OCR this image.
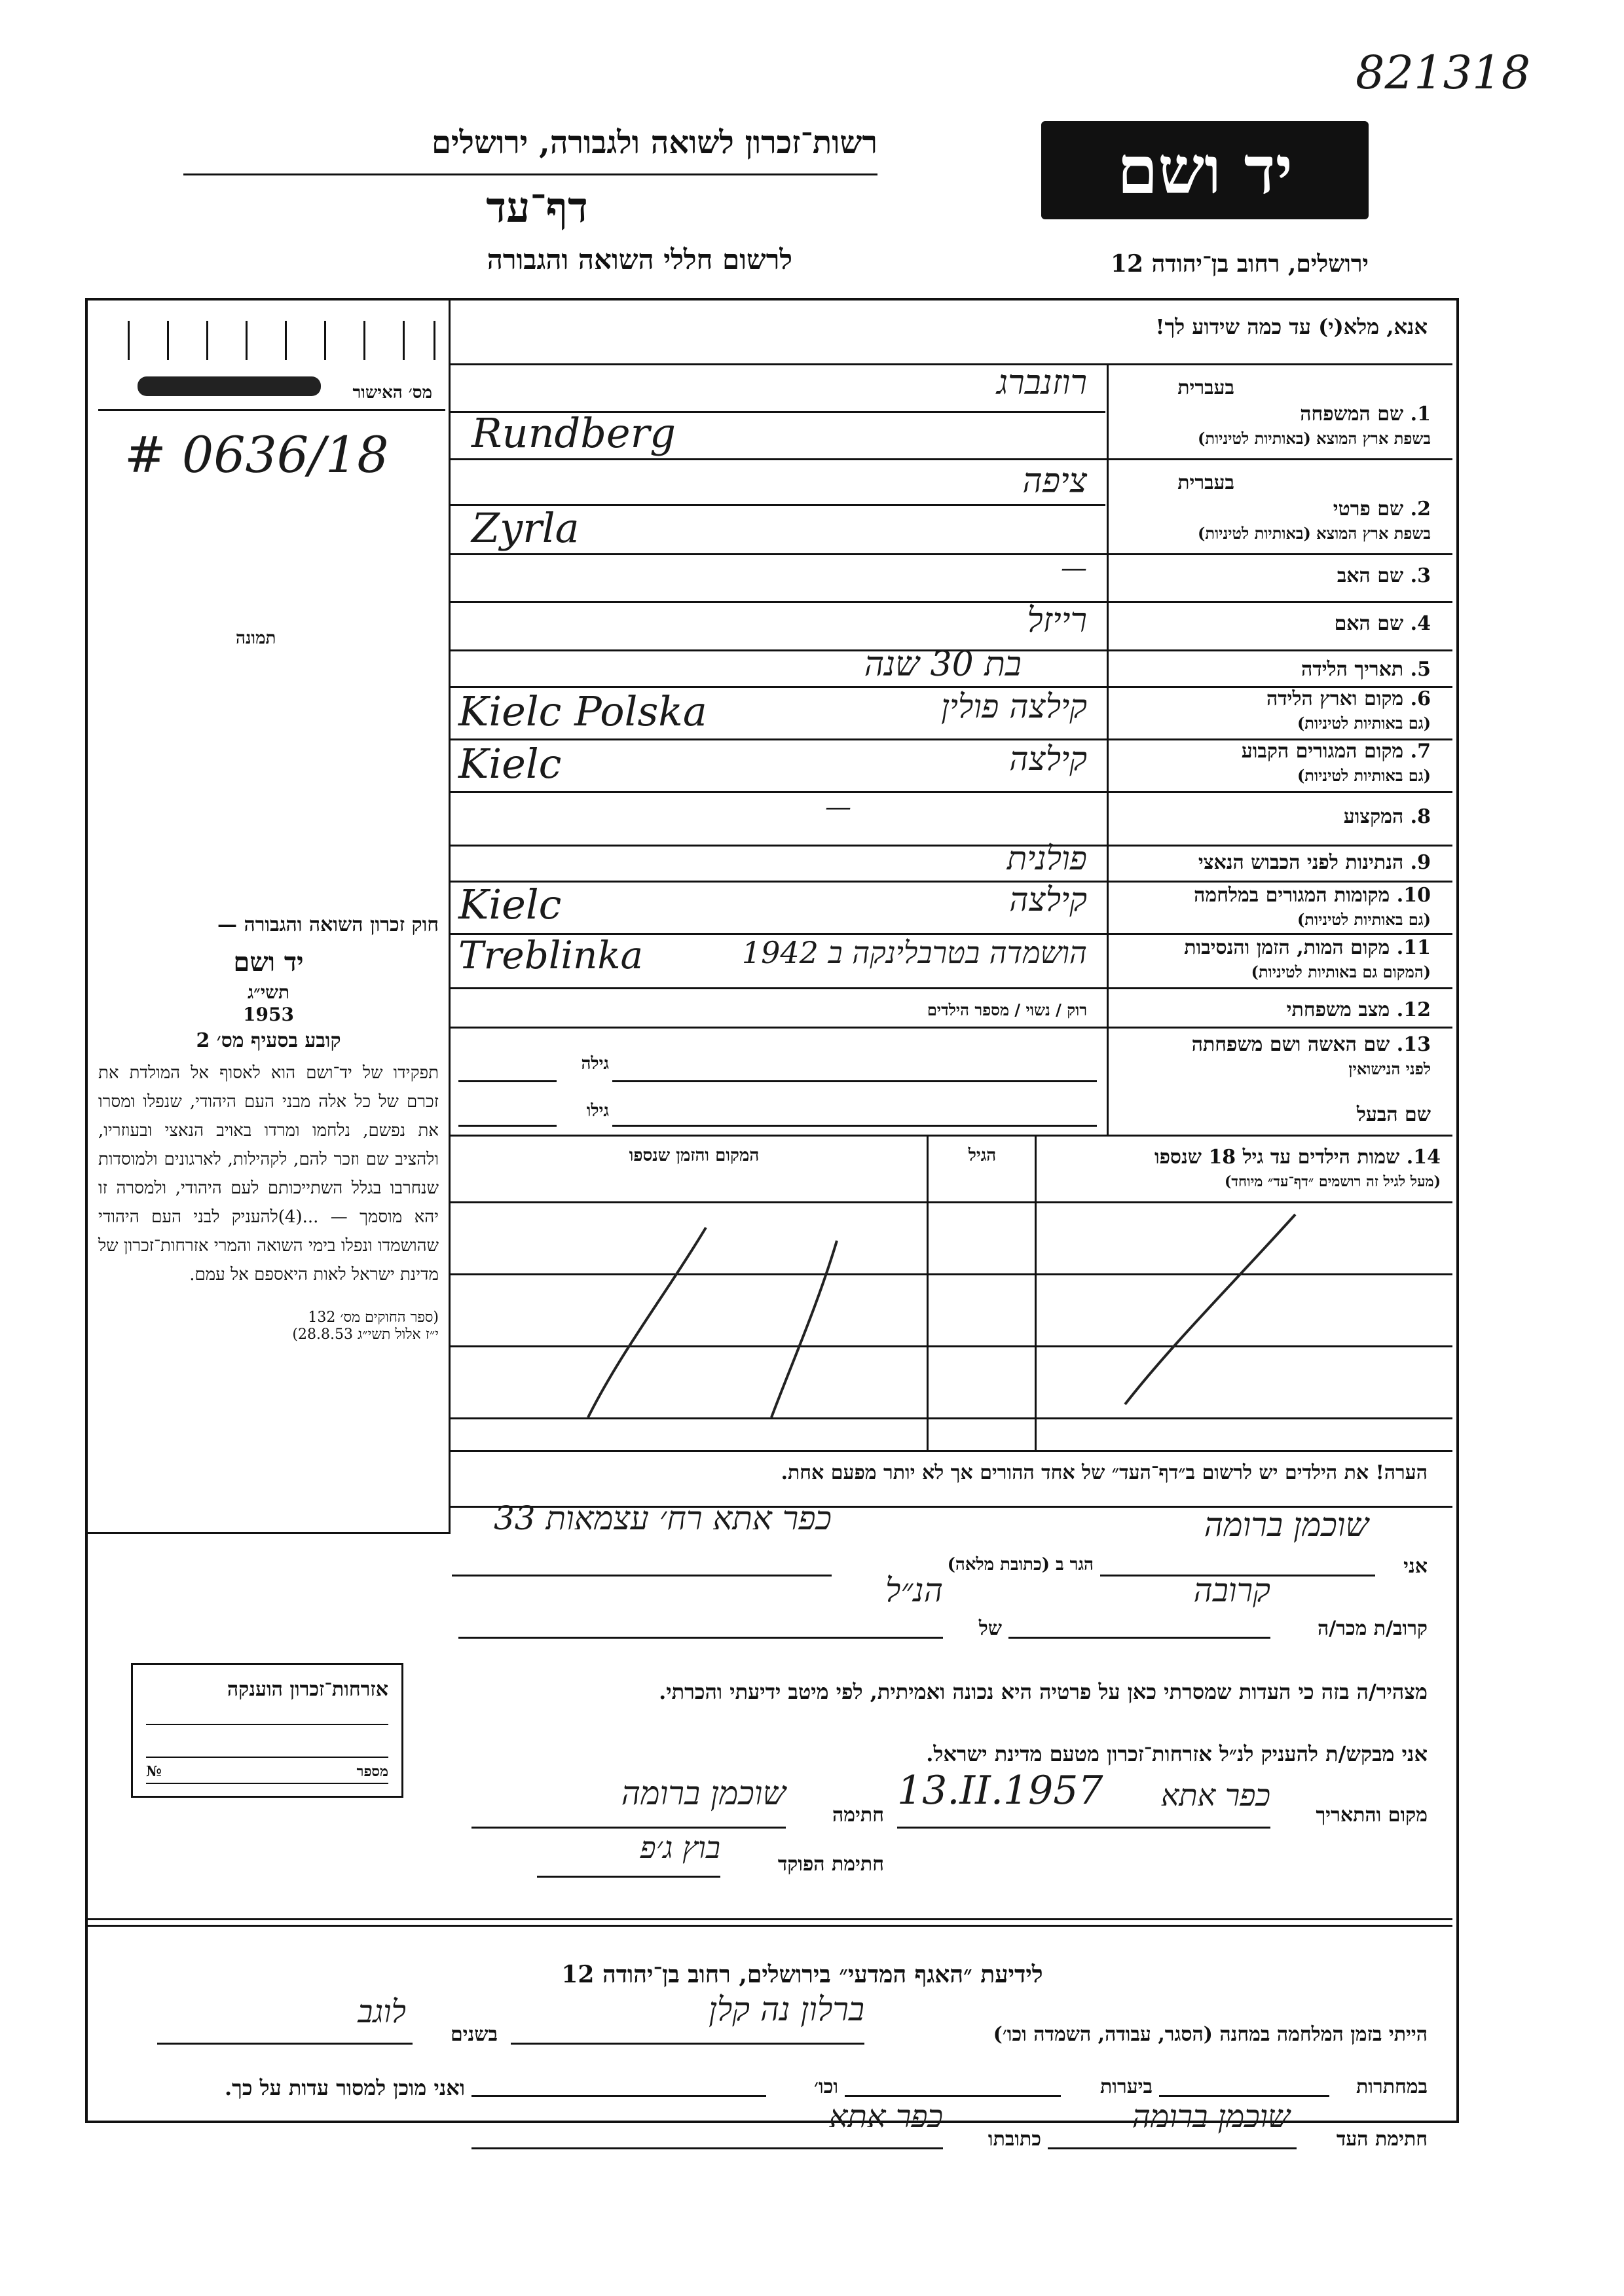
821318
רשות־זכרון לשואה ולגבורה, ירושלים
דף־עד
לרשום חללי השואה והגבורה
יד ושם
ירושלים, רחוב בן־יהודה 12
אנא, מלא(י) עד כמה שידוע לך!
מס׳ האישור
# 0636/18
תמונה
חוק זכרון השואה והגבורה —
יד ושם
תשי״ג
1953
קובע בסעיף מס׳ 2
תפקידו של יד־ושם הוא לאסוף אל המולדת את זכרם של כל אלה מבני העם היהודי, שנפלו ומסרו את נפשם, נלחמו ומרדו באויב הנאצי ובעוזריו, ולהציב שם וזכר להם, לקהילות, לארגונים ולמוסדות שנחרבו בגלל השתייכותם לעם היהודי, ולמסרה זו יהא מוסמך — ...(4)להעניק לבני העם היהודי שהושמדו ונפלו בימי השואה והמרי אזרחות־זכרון של מדינת ישראל לאות היאספם אל עמם.
(ספר החוקים מס׳ 132
י״ז אלול תשי״ג 28.8.53)
אזרחות־זכרון הוענקה
מספר
№
בעברית
1. שם המשפחה
בשפת ארץ המוצא (באותיות לטיניות)
רוזנברג
Rundberg
בעברית
2. שם פרטי
בשפת ארץ המוצא (באותיות לטיניות)
ציפה
Zyrla
3. שם האב
—
4. שם האם
רייזל
5. תאריך הלידה
בת 30 שנה
6. מקום וארץ הלידה
(גם באותיות לטיניות)
Kielc Polska	קילצה פולין
7. מקום המגורים הקבוע
(גם באותיות לטיניות)
Kielc	קילצה
8. המקצוע
—
9. הנתינות לפני הכבוש הנאצי
פולנית
10. מקומות המגורים במלחמה
(גם באותיות לטיניות)
Kielc	קילצה
11. מקום המות, הזמן והנסיבות
(המקום גם באותיות לטיניות)
Treblinka	הושמדה בטרבלינקה ב 1942
12. מצב משפחתי
רוק / נשוי / מספר הילדים
13. שם האשה ושם משפחתה
לפני הנישואין
גילה
שם הבעל
גילו
14. שמות הילדים עד גיל 18 שנספו
(מעל לגיל זה רושמים ״דף־עד״ מיוחד)
הגיל
המקום והזמן שנספו
הערה! את הילדים יש לרשום ב״דף־העד״ של אחד ההורים אך לא יותר מפעם אחת.
אני
שוכמן ברומה
הגר ב (כתובת מלאה)
כפר אתא רח׳ עצמאות 33
קרוב/ת מכר/ה
קרובה
של
הנ״ל
מצהיר/ה בזה כי העדות שמסרתי כאן על פרטיה היא נכונה ואמיתית, לפי מיטב ידיעתי והכרתי.
אני מבקש/ת להעניק לנ״ל אזרחות־זכרון מטעם מדינת ישראל.
מקום והתאריך
כפר אתא
13.II.1957
חתימה
שוכמן ברומה
חתימת הפוקד
בוץ ג׳פ
לידיעת ״האגף המדעי״ בירושלים, רחוב בן־יהודה 12
הייתי בזמן המלחמה במחנה (הסגר, עבודה, השמדה וכו׳)
ברלון נה קלן
בשנים
לוגב
במחתרות
ביערות
וכו׳
ואני מוכן למסור עדות על כך.
חתימת העד
שוכמן ברומה
כתובתו
כפר אתא
